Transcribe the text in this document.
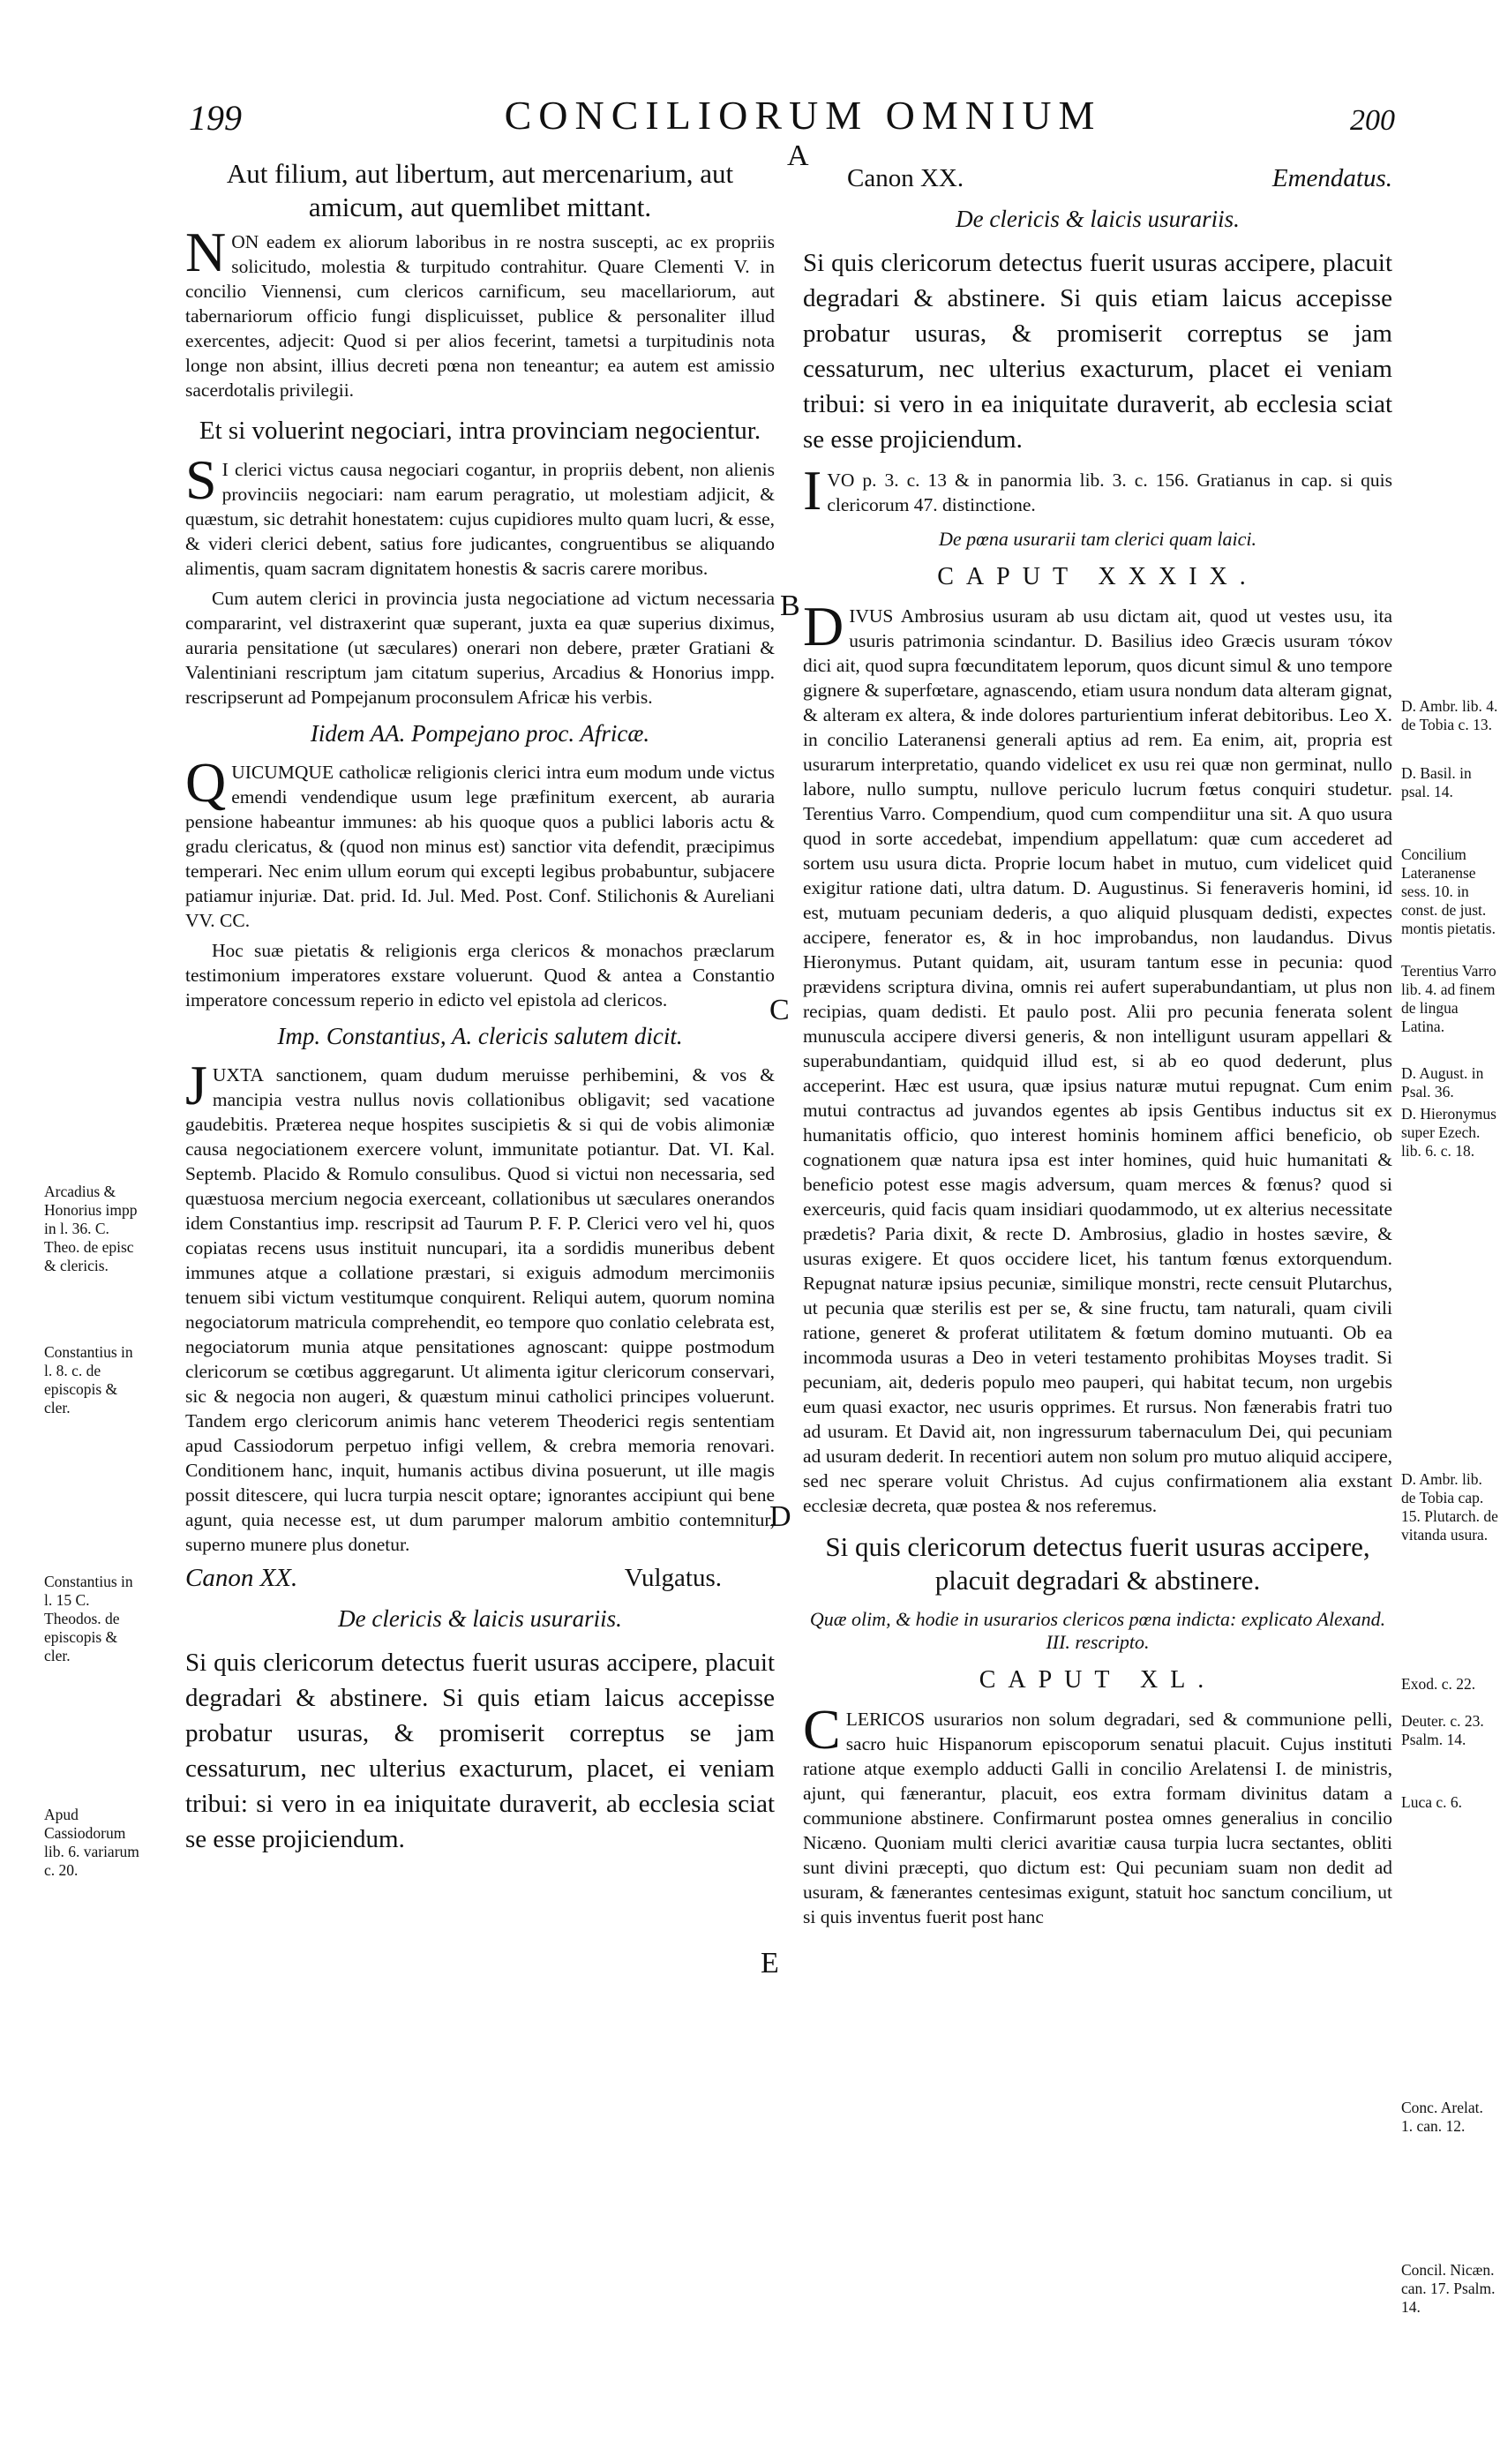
199	CONCILIORUM OMNIUM	200
A
B
C
D
E

Aut filium, aut libertum, aut mercenarium, aut amicum, aut quemlibet mittant.

NON eadem ex aliorum laboribus in re nostra suscepti, ac ex propriis solicitudo, molestia & turpitudo contrahitur. Quare Clementi V. in concilio Viennensi, cum clericos carnificum, seu macellariorum, aut tabernariorum officio fungi displicuisset, publice & personaliter illud exercentes, adjecit: Quod si per alios fecerint, tametsi a turpitudinis nota longe non absint, illius decreti pœna non teneantur; ea autem est amissio sacerdotalis privilegii.

Et si voluerint negociari, intra provinciam negocientur.

SI clerici victus causa negociari cogantur, in propriis debent, non alienis provinciis negociari: nam earum peragratio, ut molestiam adjicit, & quæstum, sic detrahit honestatem: cujus cupidiores multo quam lucri, & esse, & videri clerici debent, satius fore judicantes, congruentibus se aliquando alimentis, quam sacram dignitatem honestis & sacris carere moribus.

Cum autem clerici in provincia justa negociatione ad victum necessaria compararint, vel distraxerint quæ superant, juxta ea quæ superius diximus, auraria pensitatione (ut sæculares) onerari non debere, præter Gratiani & Valentiniani rescriptum jam citatum superius, Arcadius & Honorius impp. rescripserunt ad Pompejanum proconsulem Africæ his verbis.

Iidem AA. Pompejano proc. Africæ.

QUICUMQUE catholicæ religionis clerici intra eum modum unde victus emendi vendendique usum lege præfinitum exercent, ab auraria pensione habeantur immunes: ab his quoque quos a publici laboris actu & gradu clericatus, & (quod non minus est) sanctior vita defendit, præcipimus temperari. Nec enim ullum eorum qui excepti legibus probabuntur, subjacere patiamur injuriæ. Dat. prid. Id. Jul. Med. Post. Conf. Stilichonis & Aureliani VV. CC.

Hoc suæ pietatis & religionis erga clericos & monachos præclarum testimonium imperatores exstare voluerunt. Quod & antea a Constantio imperatore concessum reperio in edicto vel epistola ad clericos.

Imp. Constantius, A. clericis salutem dicit.

JUXTA sanctionem, quam dudum meruisse perhibemini, & vos & mancipia vestra nullus novis collationibus obligavit; sed vacatione gaudebitis. Præterea neque hospites suscipietis & si qui de vobis alimoniæ causa negociationem exercere volunt, immunitate potiantur. Dat. VI. Kal. Septemb. Placido & Romulo consulibus. Quod si victui non necessaria, sed quæstuosa mercium negocia exerceant, collationibus ut sæculares onerandos idem Constantius imp. rescripsit ad Taurum P. F. P. Clerici vero vel hi, quos copiatas recens usus instituit nuncupari, ita a sordidis muneribus debent immunes atque a collatione præstari, si exiguis admodum mercimoniis tenuem sibi victum vestitumque conquirent. Reliqui autem, quorum nomina negociatorum matricula comprehendit, eo tempore quo conlatio celebrata est, negociatorum munia atque pensitationes agnoscant: quippe postmodum clericorum se cœtibus aggregarunt. Ut alimenta igitur clericorum conservari, sic & negocia non augeri, & quæstum minui catholici principes voluerunt. Tandem ergo clericorum animis hanc veterem Theoderici regis sententiam apud Cassiodorum perpetuo infigi vellem, & crebra memoria renovari. Conditionem hanc, inquit, humanis actibus divina posuerunt, ut ille magis possit ditescere, qui lucra turpia nescit optare; ignorantes accipiunt qui bene agunt, quia necesse est, ut dum parumper malorum ambitio contemnitur, superno munere plus donetur.

Canon XX.	Vulgatus.

De clericis & laicis usurariis.

Si quis clericorum detectus fuerit usuras accipere, placuit degradari & abstinere. Si quis etiam laicus accepisse probatur usuras, & promiserit correptus se jam cessaturum, nec ulterius exacturum, placet, ei veniam tribui: si vero in ea iniquitate duraverit, ab ecclesia sciat se esse projiciendum.

Canon XX.	Emendatus.

De clericis & laicis usurariis.

Si quis clericorum detectus fuerit usuras accipere, placuit degradari & abstinere. Si quis etiam laicus accepisse probatur usuras, & promiserit correptus se jam cessaturum, nec ulterius exacturum, placet ei veniam tribui: si vero in ea iniquitate duraverit, ab ecclesia sciat se esse projiciendum.

IVO p. 3. c. 13 & in panormia lib. 3. c. 156. Gratianus in cap. si quis clericorum 47. distinctione.

De pœna usurarii tam clerici quam laici.

CAPUT XXXIX.

DIVUS Ambrosius usuram ab usu dictam ait, quod ut vestes usu, ita usuris patrimonia scindantur. D. Basilius ideo Græcis usuram τόκον dici ait, quod supra fœcunditatem leporum, quos dicunt simul & uno tempore gignere & superfœtare, agnascendo, etiam usura nondum data alteram gignat, & alteram ex altera, & inde dolores parturientium inferat debitoribus. Leo X. in concilio Lateranensi generali aptius ad rem. Ea enim, ait, propria est usurarum interpretatio, quando videlicet ex usu rei quæ non germinat, nullo labore, nullo sumptu, nullove periculo lucrum fœtus conquiri studetur. Terentius Varro. Compendium, quod cum compendiitur una sit. A quo usura quod in sorte accedebat, impendium appellatum: quæ cum accederet ad sortem usu usura dicta. Proprie locum habet in mutuo, cum videlicet quid exigitur ratione dati, ultra datum. D. Augustinus. Si feneraveris homini, id est, mutuam pecuniam dederis, a quo aliquid plusquam dedisti, expectes accipere, fenerator es, & in hoc improbandus, non laudandus. Divus Hieronymus. Putant quidam, ait, usuram tantum esse in pecunia: quod prævidens scriptura divina, omnis rei aufert superabundantiam, ut plus non recipias, quam dedisti. Et paulo post. Alii pro pecunia fenerata solent munuscula accipere diversi generis, & non intelligunt usuram appellari & superabundantiam, quidquid illud est, si ab eo quod dederunt, plus acceperint. Hæc est usura, quæ ipsius naturæ mutui repugnat. Cum enim mutui contractus ad juvandos egentes ab ipsis Gentibus inductus sit ex humanitatis officio, quo interest hominis hominem affici beneficio, ob cognationem quæ natura ipsa est inter homines, quid huic humanitati & beneficio potest esse magis adversum, quam merces & fœnus? quod si exerceuris, quid facis quam insidiari quodammodo, ut ex alterius necessitate prædetis? Paria dixit, & recte D. Ambrosius, gladio in hostes sævire, & usuras exigere. Et quos occidere licet, his tantum fœnus extorquendum. Repugnat naturæ ipsius pecuniæ, similique monstri, recte censuit Plutarchus, ut pecunia quæ sterilis est per se, & sine fructu, tam naturali, quam civili ratione, generet & proferat utilitatem & fœtum domino mutuanti. Ob ea incommoda usuras a Deo in veteri testamento prohibitas Moyses tradit. Si pecuniam, ait, dederis populo meo pauperi, qui habitat tecum, non urgebis eum quasi exactor, nec usuris opprimes. Et rursus. Non fænerabis fratri tuo ad usuram. Et David ait, non ingressurum tabernaculum Dei, qui pecuniam ad usuram dederit. In recentiori autem non solum pro mutuo aliquid accipere, sed nec sperare voluit Christus. Ad cujus confirmationem alia exstant ecclesiæ decreta, quæ postea & nos referemus.

Si quis clericorum detectus fuerit usuras accipere, placuit degradari & abstinere.

Quæ olim, & hodie in usurarios clericos pœna indicta: explicato Alexand. III. rescripto.

CAPUT XL.

CLERICOS usurarios non solum degradari, sed & communione pelli, sacro huic Hispanorum episcoporum senatui placuit. Cujus instituti ratione atque exemplo adducti Galli in concilio Arelatensi I. de ministris, ajunt, qui fænerantur, placuit, eos extra formam divinitus datam a communione abstinere. Confirmarunt postea omnes generalius in concilio Nicæno. Quoniam multi clerici avaritiæ causa turpia lucra sectantes, obliti sunt divini præcepti, quo dictum est: Qui pecuniam suam non dedit ad usuram, & fænerantes centesimas exigunt, statuit hoc sanctum concilium, ut si quis inventus fuerit post hanc

Arcadius & Honorius impp in l. 36. C. Theo. de episc & clericis.
Constantius in l. 8. c. de episcopis & cler.
Constantius in l. 15 C. Theodos. de episcopis & cler.
Apud Cassiodorum lib. 6. variarum c. 20.
D. Ambr. lib. 4. de Tobia c. 13.
D. Basil. in psal. 14.
Concilium Lateranense sess. 10. in const. de just. montis pietatis.
Terentius Varro lib. 4. ad finem de lingua Latina.
D. August. in Psal. 36.
D. Hieronymus super Ezech. lib. 6. c. 18.
D. Ambr. lib. de Tobia cap. 15. Plutarch. de vitanda usura.
Exod. c. 22.
Deuter. c. 23. Psalm. 14.
Luca c. 6.
Conc. Arelat. 1. can. 12.
Concil. Nicæn. can. 17. Psalm. 14.
